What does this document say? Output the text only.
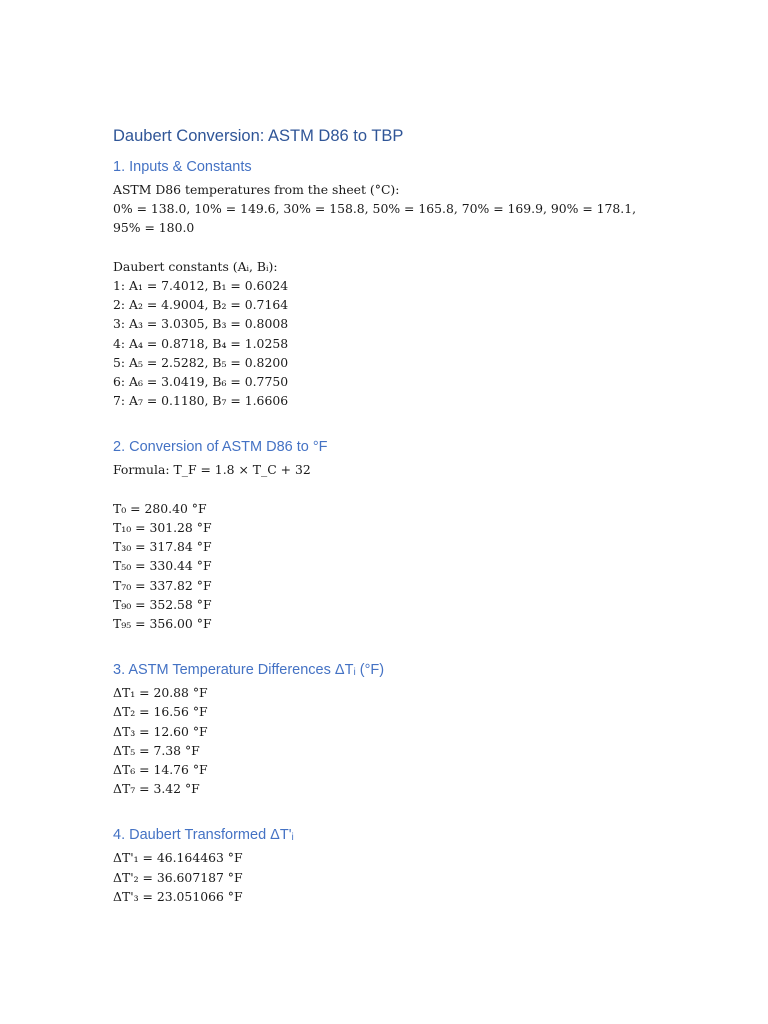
Daubert Conversion: ASTM D86 to TBP
1. Inputs & Constants

ASTM D86 temperatures from the sheet (°C):

0% = 138.0, 10% = 149.6, 30% = 158.8, 50% = 165.8, 70% = 169.9, 90% = 178.1, 95% = 180.0

Daubert constants (Aᵢ, Bᵢ):

1: A₁ = 7.4012, B₁ = 0.6024

2: A₂ = 4.9004, B₂ = 0.7164

3: A₃ = 3.0305, B₃ = 0.8008

4: A₄ = 0.8718, B₄ = 1.0258

5: A₅ = 2.5282, B₅ = 0.8200

6: A₆ = 3.0419, B₆ = 0.7750

7: A₇ = 0.1180, B₇ = 1.6606

2. Conversion of ASTM D86 to °F

Formula: T_F = 1.8 × T_C + 32

T₀ = 280.40 °F

T₁₀ = 301.28 °F

T₃₀ = 317.84 °F

T₅₀ = 330.44 °F

T₇₀ = 337.82 °F

T₉₀ = 352.58 °F

T₉₅ = 356.00 °F

3. ASTM Temperature Differences ΔTᵢ (°F)

ΔT₁ = 20.88 °F

ΔT₂ = 16.56 °F

ΔT₃ = 12.60 °F

ΔT₅ = 7.38 °F

ΔT₆ = 14.76 °F

ΔT₇ = 3.42 °F

4. Daubert Transformed ΔT'ᵢ

ΔT'₁ = 46.164463 °F

ΔT'₂ = 36.607187 °F

ΔT'₃ = 23.051066 °F
